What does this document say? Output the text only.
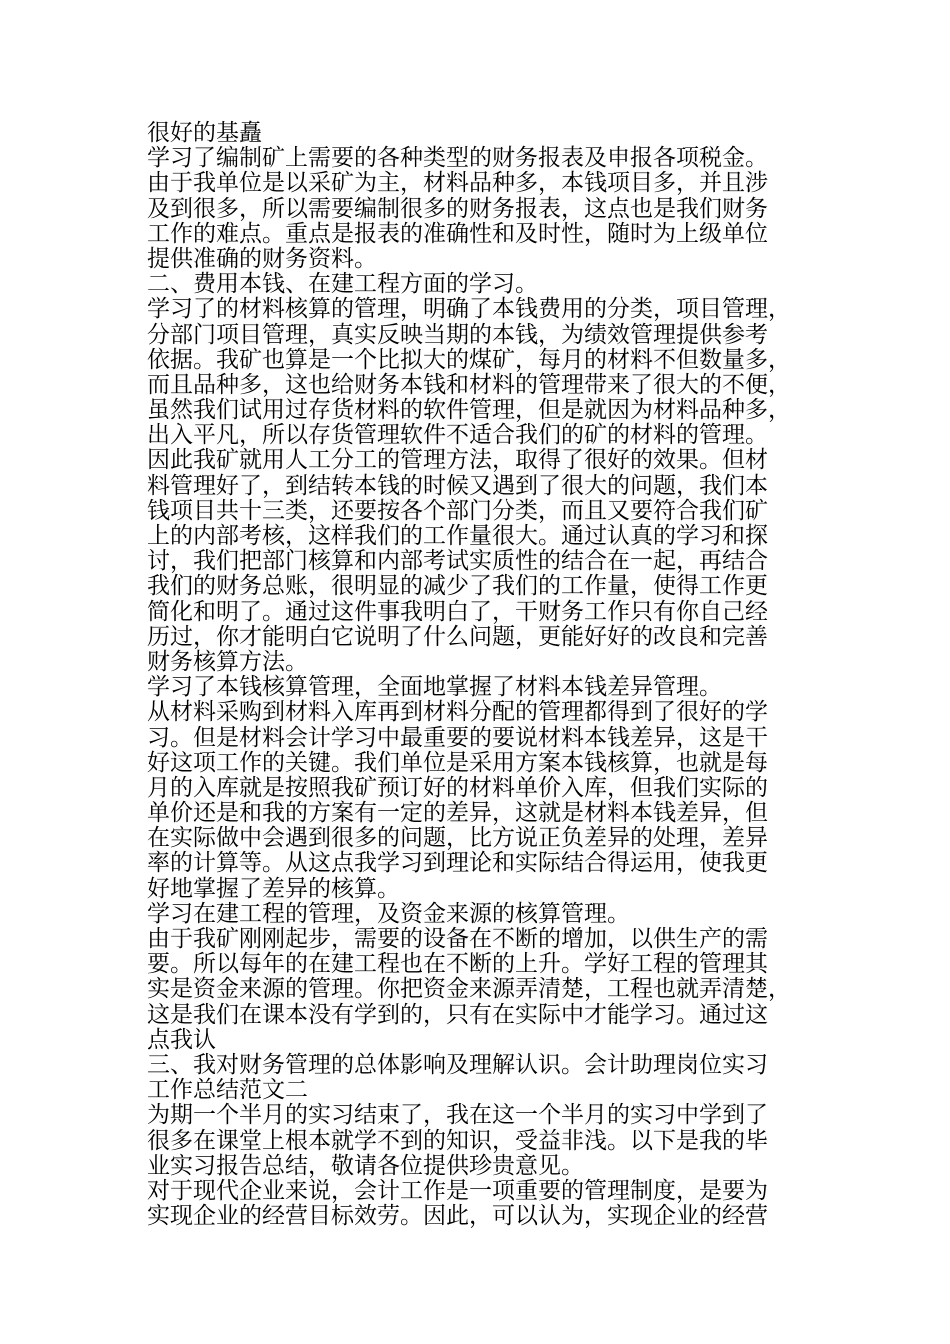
很好的基矗
学习了编制矿上需要的各种类型的财务报表及申报各项税金。
由于我单位是以采矿为主，材料品种多，本钱项目多，并且涉
及到很多，所以需要编制很多的财务报表，这点也是我们财务
工作的难点。重点是报表的准确性和及时性，随时为上级单位
提供准确的财务资料。
二、费用本钱、在建工程方面的学习。
学习了的材料核算的管理，明确了本钱费用的分类，项目管理，
分部门项目管理，真实反映当期的本钱，为绩效管理提供参考
依据。我矿也算是一个比拟大的煤矿，每月的材料不但数量多，
而且品种多，这也给财务本钱和材料的管理带来了很大的不便，
虽然我们试用过存货材料的软件管理，但是就因为材料品种多，
出入平凡，所以存货管理软件不适合我们的矿的材料的管理。
因此我矿就用人工分工的管理方法，取得了很好的效果。但材
料管理好了，到结转本钱的时候又遇到了很大的问题，我们本
钱项目共十三类，还要按各个部门分类，而且又要符合我们矿
上的内部考核，这样我们的工作量很大。通过认真的学习和探
讨，我们把部门核算和内部考试实质性的结合在一起，再结合
我们的财务总账，很明显的减少了我们的工作量，使得工作更
简化和明了。通过这件事我明白了，干财务工作只有你自己经
历过，你才能明白它说明了什么问题，更能好好的改良和完善
财务核算方法。
学习了本钱核算管理，全面地掌握了材料本钱差异管理。
从材料采购到材料入库再到材料分配的管理都得到了很好的学
习。但是材料会计学习中最重要的要说材料本钱差异，这是干
好这项工作的关键。我们单位是采用方案本钱核算，也就是每
月的入库就是按照我矿预订好的材料单价入库，但我们实际的
单价还是和我的方案有一定的差异，这就是材料本钱差异，但
在实际做中会遇到很多的问题，比方说正负差异的处理，差异
率的计算等。从这点我学习到理论和实际结合得运用，使我更
好地掌握了差异的核算。
学习在建工程的管理，及资金来源的核算管理。
由于我矿刚刚起步，需要的设备在不断的增加，以供生产的需
要。所以每年的在建工程也在不断的上升。学好工程的管理其
实是资金来源的管理。你把资金来源弄清楚，工程也就弄清楚，
这是我们在课本没有学到的，只有在实际中才能学习。通过这
点我认
三、我对财务管理的总体影响及理解认识。会计助理岗位实习
工作总结范文二
为期一个半月的实习结束了，我在这一个半月的实习中学到了
很多在课堂上根本就学不到的知识，受益非浅。以下是我的毕
业实习报告总结，敬请各位提供珍贵意见。
对于现代企业来说，会计工作是一项重要的管理制度，是要为
实现企业的经营目标效劳。因此，可以认为，实现企业的经营
